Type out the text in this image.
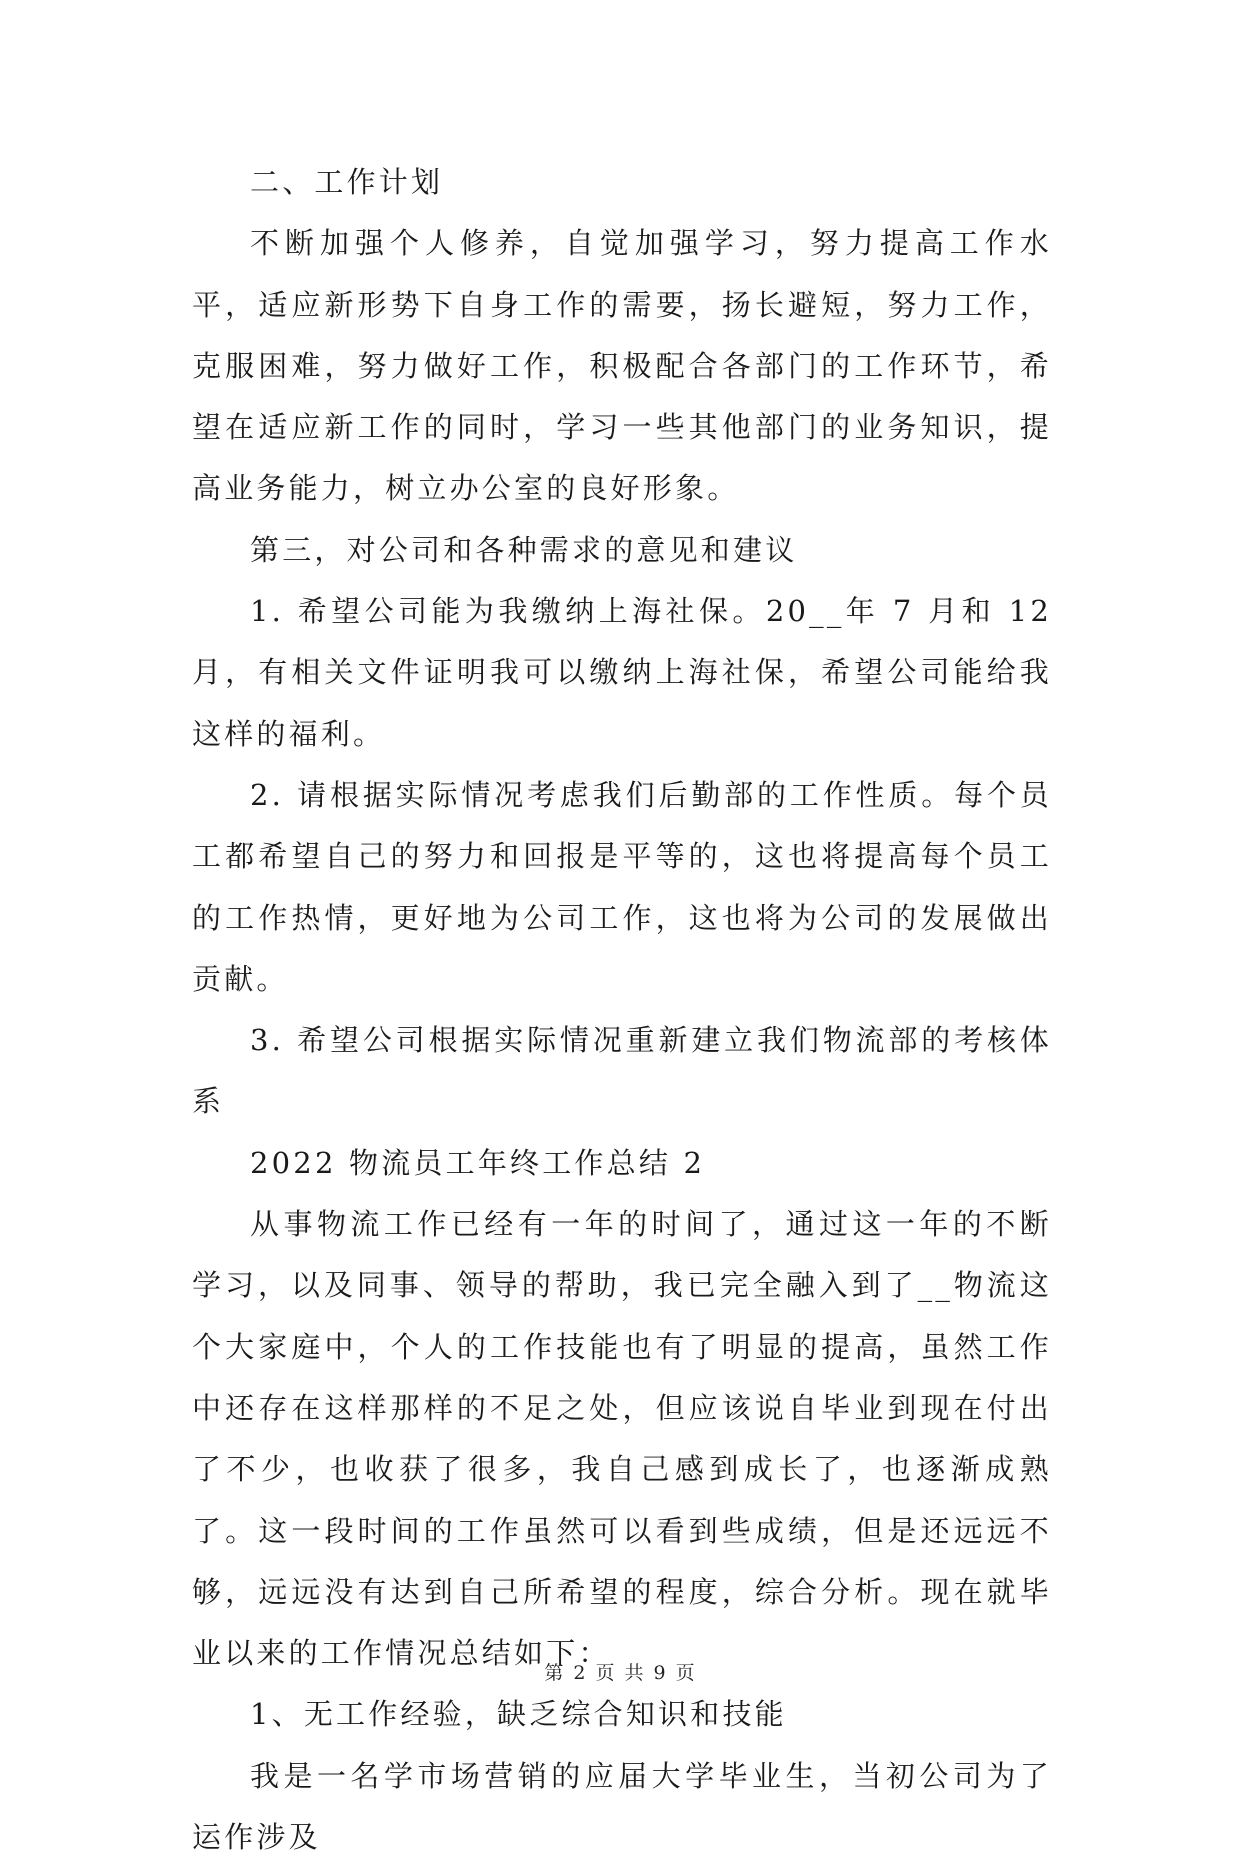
二、工作计划

不断加强个人修养，自觉加强学习，努力提高工作水平，适应新形势下自身工作的需要，扬长避短，努力工作，克服困难，努力做好工作，积极配合各部门的工作环节，希望在适应新工作的同时，学习一些其他部门的业务知识，提高业务能力，树立办公室的良好形象。

第三，对公司和各种需求的意见和建议

1. 希望公司能为我缴纳上海社保。20__年 7 月和 12 月，有相关文件证明我可以缴纳上海社保，希望公司能给我这样的福利。

2. 请根据实际情况考虑我们后勤部的工作性质。每个员工都希望自己的努力和回报是平等的，这也将提高每个员工的工作热情，更好地为公司工作，这也将为公司的发展做出贡献。

3. 希望公司根据实际情况重新建立我们物流部的考核体系

2022 物流员工年终工作总结 2

从事物流工作已经有一年的时间了，通过这一年的不断学习，以及同事、领导的帮助，我已完全融入到了__物流这个大家庭中，个人的工作技能也有了明显的提高，虽然工作中还存在这样那样的不足之处，但应该说自毕业到现在付出了不少，也收获了很多，我自己感到成长了，也逐渐成熟了。这一段时间的工作虽然可以看到些成绩，但是还远远不够，远远没有达到自己所希望的程度，综合分析。现在就毕业以来的工作情况总结如下：

1、无工作经验，缺乏综合知识和技能

我是一名学市场营销的应届大学毕业生，当初公司为了运作涉及

第 2 页 共 9 页
